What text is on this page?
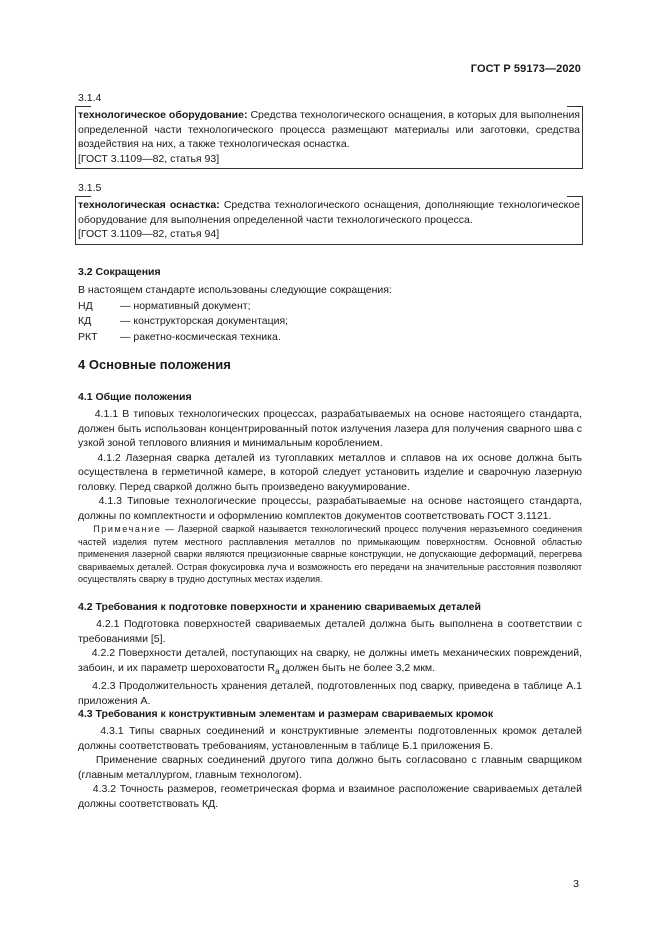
ГОСТ Р 59173—2020
3.1.4

технологическое оборудование: Средства технологического оснащения, в которых для выполнения определенной части технологического процесса размещают материалы или заготовки, средства воздействия на них, а также технологическая оснастка.

[ГОСТ 3.1109—82, статья 93]

3.1.5

технологическая оснастка: Средства технологического оснащения, дополняющие технологическое оборудование для выполнения определенной части технологического процесса.

[ГОСТ 3.1109—82, статья 94]

3.2 Сокращения
В настоящем стандарте использованы следующие сокращения:
НД	— нормативный документ;
КД	— конструкторская документация;
РКТ	— ракетно-космическая техника.
4 Основные положения
4.1 Общие положения

4.1.1 В типовых технологических процессах, разрабатываемых на основе настоящего стандарта, должен быть использован концентрированный поток излучения лазера для получения сварного шва с узкой зоной теплового влияния и минимальным короблением.

4.1.2 Лазерная сварка деталей из тугоплавких металлов и сплавов на их основе должна быть осуществлена в герметичной камере, в которой следует установить изделие и сварочную лазерную головку. Перед сваркой должно быть произведено вакуумирование.

4.1.3 Типовые технологические процессы, разрабатываемые на основе настоящего стандарта, должны по комплектности и оформлению комплектов документов соответствовать ГОСТ 3.1121.

Примечание — Лазерной сваркой называется технологический процесс получения неразъемного соединения частей изделия путем местного расплавления металлов по примыкающим поверхностям. Основной областью применения лазерной сварки являются прецизионные сварные конструкции, не допускающие деформаций, перегрева свариваемых деталей. Острая фокусировка луча и возможность его передачи на значительные расстояния позволяют осуществлять сварку в трудно доступных местах изделия.
4.2 Требования к подготовке поверхности и хранению свариваемых деталей

4.2.1 Подготовка поверхностей свариваемых деталей должна быть выполнена в соответствии с требованиями [5].

4.2.2 Поверхности деталей, поступающих на сварку, не должны иметь механических повреждений, забоин, и их параметр шероховатости $R_a$ должен быть не более 3,2 мкм.

4.2.3 Продолжительность хранения деталей, подготовленных под сварку, приведена в таблице А.1 приложения А.

4.3 Требования к конструктивным элементам и размерам свариваемых кромок

4.3.1 Типы сварных соединений и конструктивные элементы подготовленных кромок деталей должны соответствовать требованиям, установленным в таблице Б.1 приложения Б.

Применение сварных соединений другого типа должно быть согласовано с главным сварщиком (главным металлургом, главным технологом).

4.3.2 Точность размеров, геометрическая форма и взаимное расположение свариваемых деталей должны соответствовать КД.

3
